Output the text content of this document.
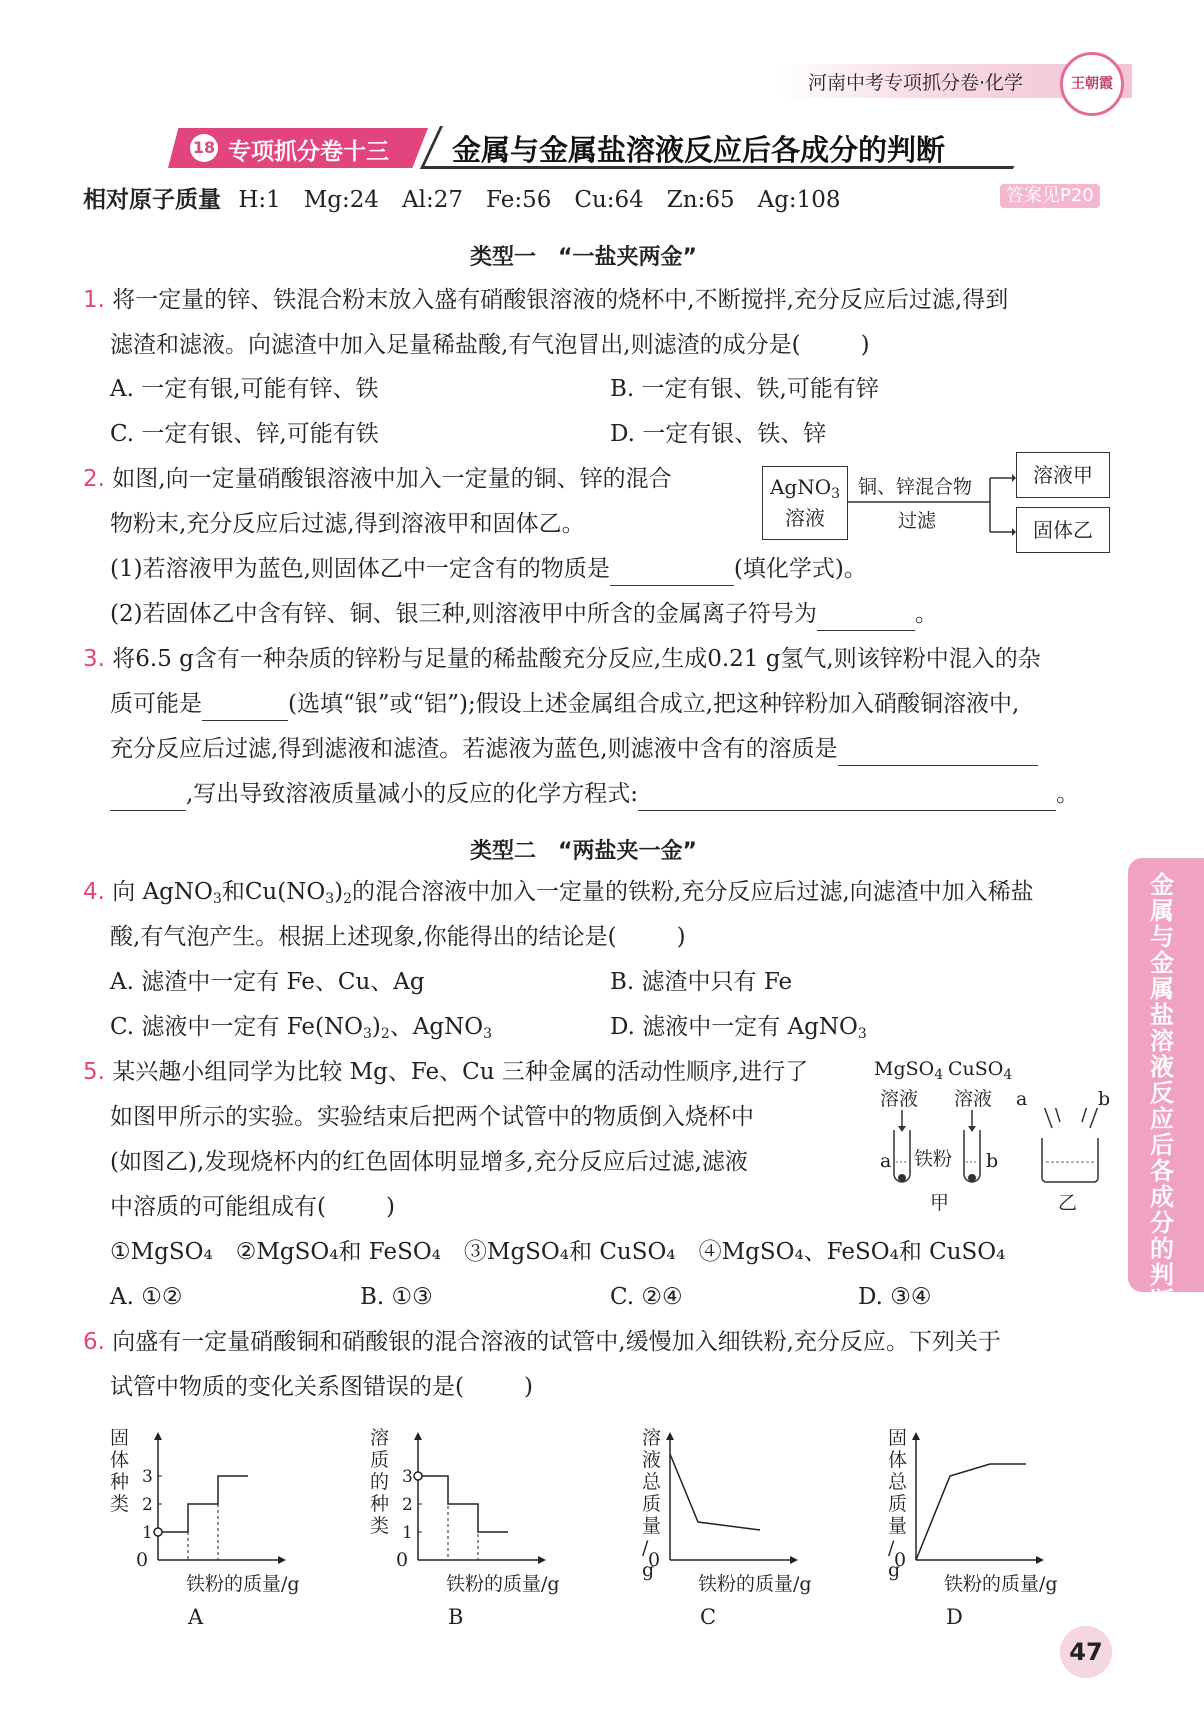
河南中考专项抓分卷·化学	王朝霞
18 专项抓分卷十三 金属与金属盐溶液反应后各成分的判断
相对原子质量 H:1　Mg:24　Al:27　Fe:56　Cu:64　Zn:65　Ag:108	答案见P20
类型一　“一盐夹两金”
1. 将一定量的锌、铁混合粉末放入盛有硝酸银溶液的烧杯中,不断搅拌,充分反应后过滤,得到
滤渣和滤液。向滤渣中加入足量稀盐酸,有气泡冒出,则滤渣的成分是(	)
A. 一定有银,可能有锌、铁	B. 一定有银、铁,可能有锌
C. 一定有银、锌,可能有铁	D. 一定有银、铁、锌
2. 如图,向一定量硝酸银溶液中加入一定量的铜、锌的混合
物粉末,充分反应后过滤,得到溶液甲和固体乙。
(1)若溶液甲为蓝色,则固体乙中一定含有的物质是	(填化学式)。
(2)若固体乙中含有锌、铜、银三种,则溶液甲中所含的金属离子符号为	。
AgNO$_3$
溶液
铜、锌混合物
过滤
溶液甲
固体乙
3. 将6.5 g含有一种杂质的锌粉与足量的稀盐酸充分反应,生成0.21 g氢气,则该锌粉中混入的杂
质可能是	(选填“银”或“铝”);假设上述金属组合成立,把这种锌粉加入硝酸铜溶液中,
充分反应后过滤,得到滤液和滤渣。若滤液为蓝色,则滤液中含有的溶质是
,写出导致溶液质量减小的反应的化学方程式:	。
类型二　“两盐夹一金”
4. 向 AgNO$_3$和$Cu(NO_3)_2$的混合溶液中加入一定量的铁粉,充分反应后过滤,向滤渣中加入稀盐
酸,有气泡产生。根据上述现象,你能得出的结论是(	)
A. 滤渣中一定有 Fe、Cu、Ag	B. 滤渣中只有 Fe
C. 滤液中一定有 $Fe(NO_3)_2$、AgNO$_3$	D. 滤液中一定有 AgNO$_3$
5. 某兴趣小组同学为比较 Mg、Fe、Cu 三种金属的活动性顺序,进行了
如图甲所示的实验。实验结束后把两个试管中的物质倒入烧杯中
(如图乙),发现烧杯内的红色固体明显增多,充分反应后过滤,滤液
中溶质的可能组成有(	)
①MgSO₄　②MgSO₄和 FeSO₄　③MgSO₄和 CuSO₄　④MgSO₄、FeSO₄和 CuSO₄
A. ①②	B. ①③	C. ②④	D. ③④
MgSO$_4$ CuSO$_4$
溶液 溶液 a	b
a 铁粉 b
甲	乙
6. 向盛有一定量硝酸铜和硝酸银的混合溶液的试管中,缓慢加入细铁粉,充分反应。下列关于
试管中物质的变化关系图错误的是(	)
0
铁粉的质量/g
A
固
体
种
类
1
2
3
0
铁粉的质量/g
B
溶
质
的
种
类 1
2
3
0
铁粉的质量/g
C
溶
液
总
质
量
/
g	0
铁粉的质量/g
D
固
体
总
质
量
/
g
金属与金属盐溶液反应后各成分的判断
47
